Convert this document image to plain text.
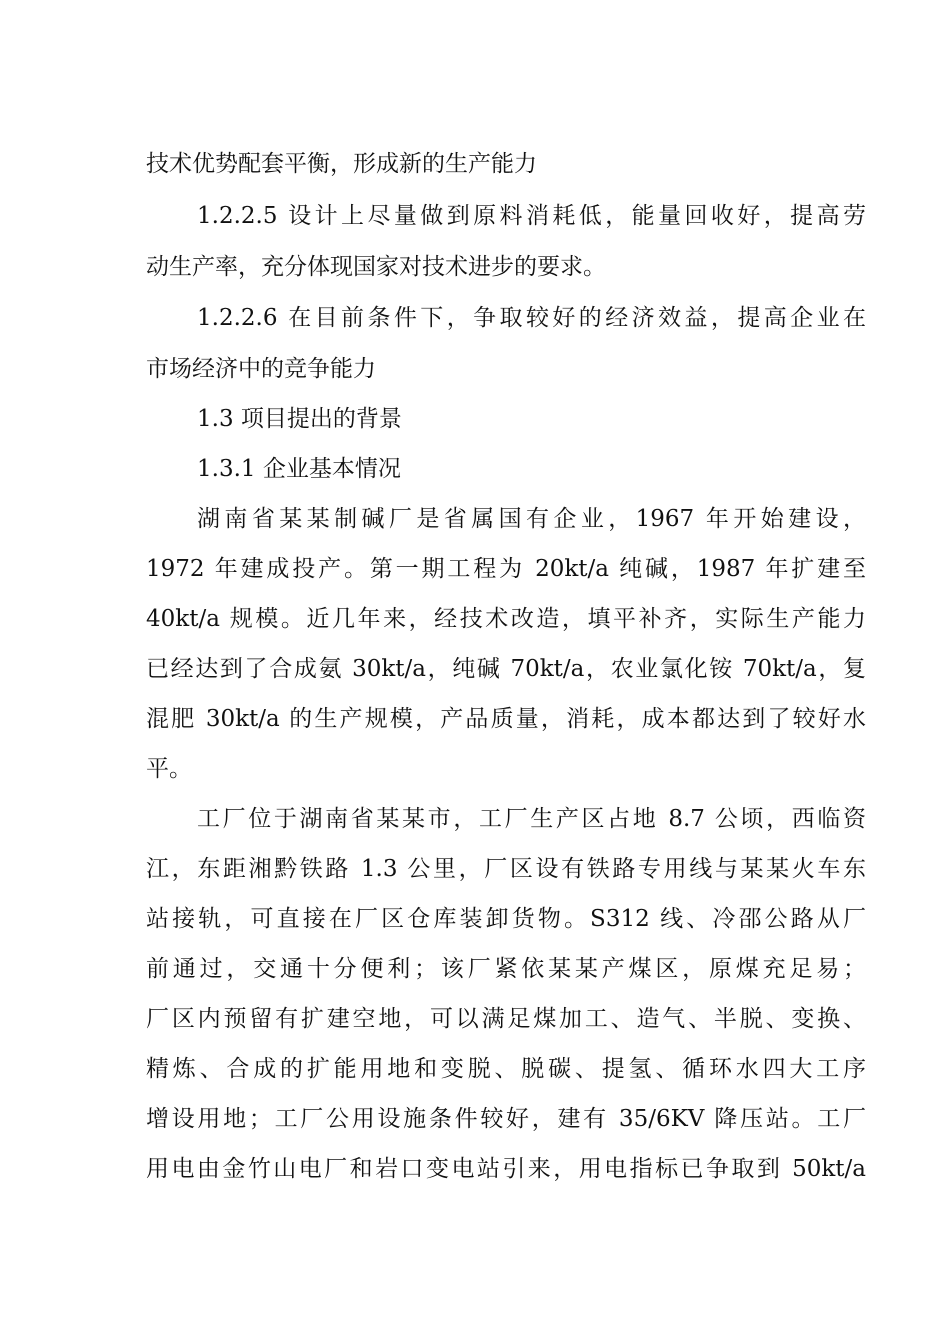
技术优势配套平衡，形成新的生产能力
1.2.2.5 设计上尽量做到原料消耗低，能量回收好，提高劳
动生产率，充分体现国家对技术进步的要求。
1.2.2.6 在目前条件下，争取较好的经济效益，提高企业在
市场经济中的竞争能力
1.3 项目提出的背景
1.3.1 企业基本情况
湖南省某某制碱厂是省属国有企业，1967 年开始建设，
1972 年建成投产。第一期工程为 20kt/a 纯碱，1987 年扩建至
40kt/a 规模。近几年来，经技术改造，填平补齐，实际生产能力
已经达到了合成氨 30kt/a，纯碱 70kt/a，农业氯化铵 70kt/a，复
混肥 30kt/a 的生产规模，产品质量，消耗，成本都达到了较好水
平。
工厂位于湖南省某某市，工厂生产区占地 8.7 公顷，西临资
江，东距湘黔铁路 1.3 公里，厂区设有铁路专用线与某某火车东
站接轨，可直接在厂区仓库装卸货物。S312 线、冷邵公路从厂
前通过，交通十分便利；该厂紧依某某产煤区，原煤充足易；
厂区内预留有扩建空地，可以满足煤加工、造气、半脱、变换、
精炼、合成的扩能用地和变脱、脱碳、提氢、循环水四大工序
增设用地；工厂公用设施条件较好，建有 35/6KV 降压站。工厂
用电由金竹山电厂和岩口变电站引来，用电指标已争取到 50kt/a
